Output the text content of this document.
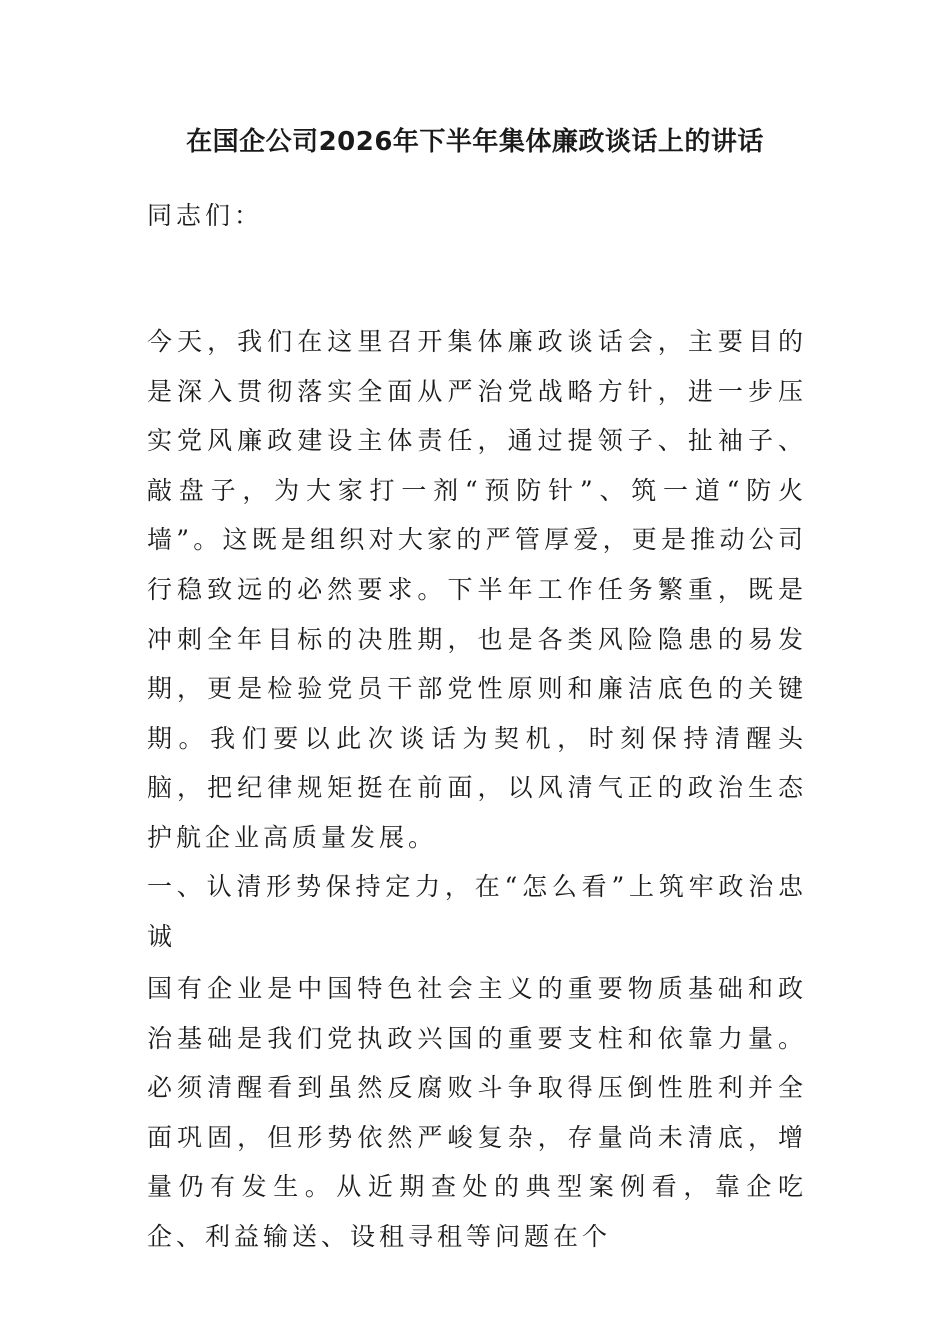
在国企公司2026年下半年集体廉政谈话上的讲话

同志们：

今天，我们在这里召开集体廉政谈话会，主要目的是深入贯彻落实全面从严治党战略方针，进一步压实党风廉政建设主体责任，通过提领子、扯袖子、敲盘子，为大家打一剂“预防针”、筑一道“防火墙”。这既是组织对大家的严管厚爱，更是推动公司行稳致远的必然要求。下半年工作任务繁重，既是冲刺全年目标的决胜期，也是各类风险隐患的易发期，更是检验党员干部党性原则和廉洁底色的关键期。我们要以此次谈话为契机，时刻保持清醒头脑，把纪律规矩挺在前面，以风清气正的政治生态护航企业高质量发展。

一、认清形势保持定力，在“怎么看”上筑牢政治忠诚

国有企业是中国特色社会主义的重要物质基础和政治基础是我们党执政兴国的重要支柱和依靠力量。必须清醒看到虽然反腐败斗争取得压倒性胜利并全面巩固，但形势依然严峻复杂，存量尚未清底，增量仍有发生。从近期查处的典型案例看，靠企吃企、利益输送、设租寻租等问题在个
